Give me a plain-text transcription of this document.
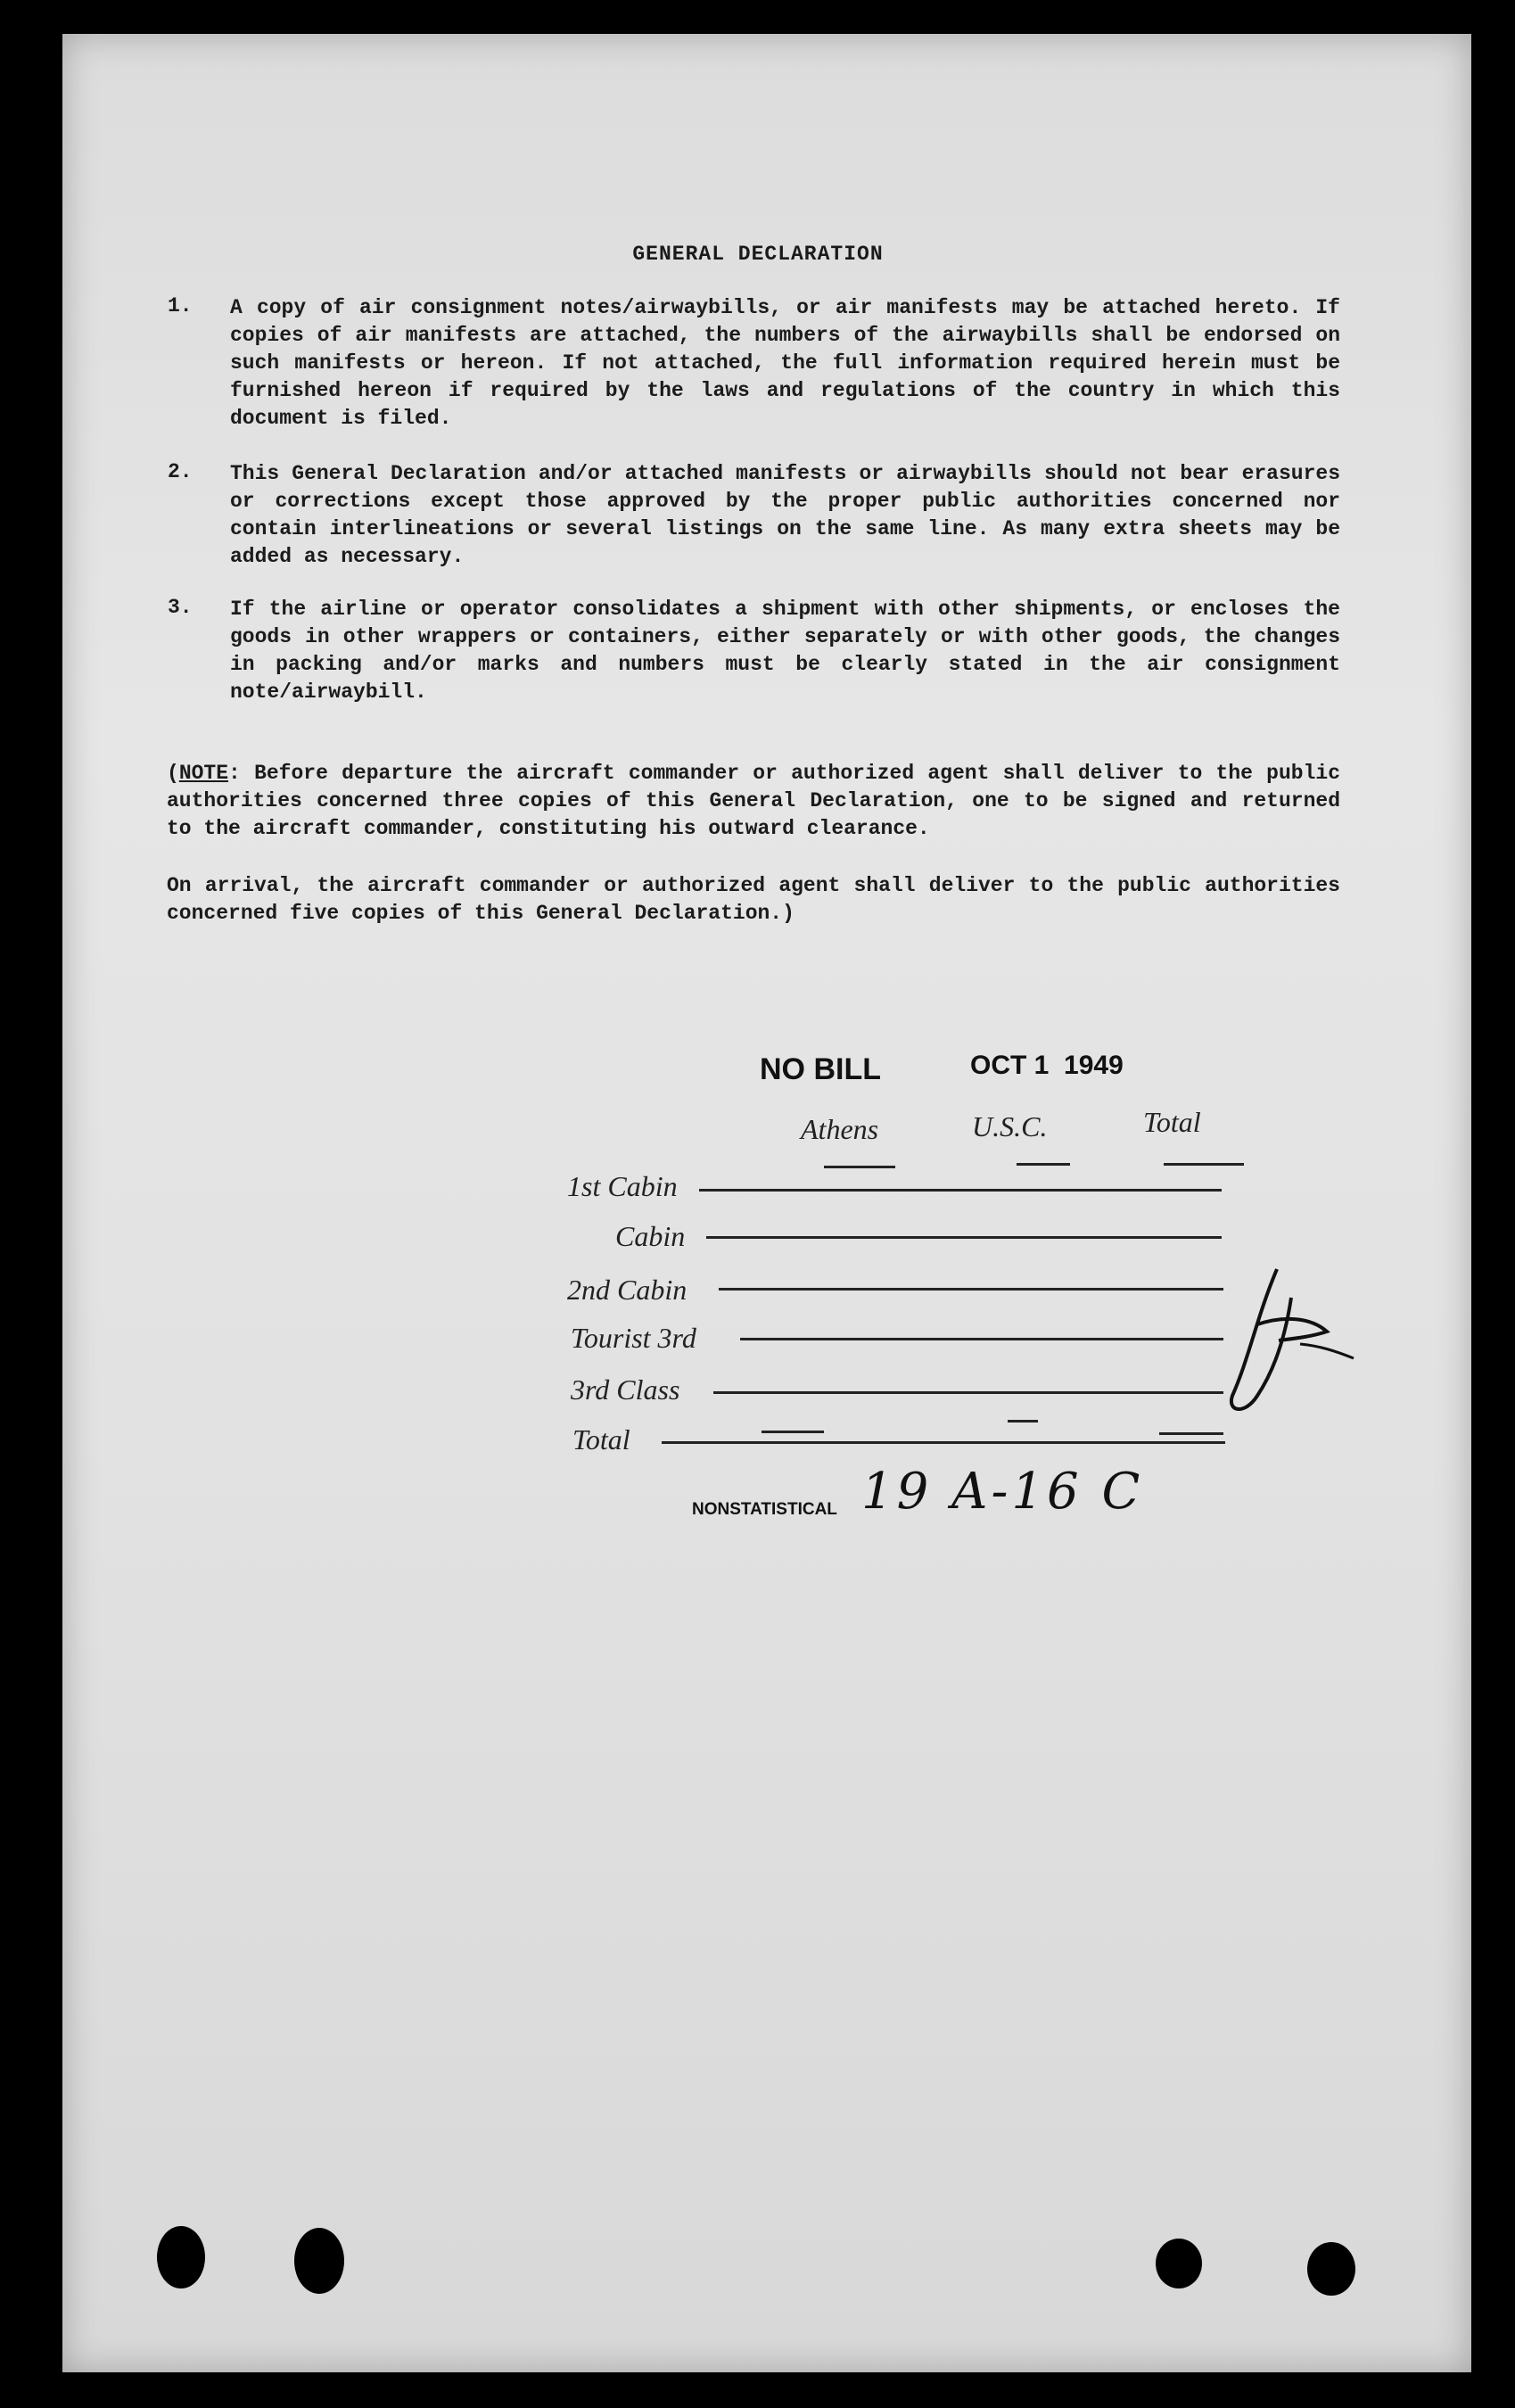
GENERAL DECLARATION
1.	A copy of air consignment notes/airwaybills, or air manifests may be attached hereto. If copies of air manifests are attached, the numbers of the airwaybills shall be endorsed on such manifests or hereon. If not attached, the full information required herein must be furnished hereon if required by the laws and regulations of the country in which this document is filed.
2.	This General Declaration and/or attached manifests or airwaybills should not bear erasures or corrections except those approved by the proper public authorities concerned nor contain interlineations or several listings on the same line. As many extra sheets may be added as necessary.
3.	If the airline or operator consolidates a shipment with other shipments, or encloses the goods in other wrappers or containers, either separately or with other goods, the changes in packing and/or marks and numbers must be clearly stated in the air consignment note/airwaybill.
(NOTE: Before departure the aircraft commander or authorized agent shall deliver to the public authorities concerned three copies of this General Declaration, one to be signed and returned to the aircraft commander, constituting his outward clearance.
On arrival, the aircraft commander or authorized agent shall deliver to the public authorities concerned five copies of this General Declaration.)
NO BILL	OCT 1  1949
Athens	U.S.C.	Total
1st Cabin
Cabin
2nd Cabin
Tourist 3rd
3rd Class
Total
NONSTATISTICAL 19 A-16 C
